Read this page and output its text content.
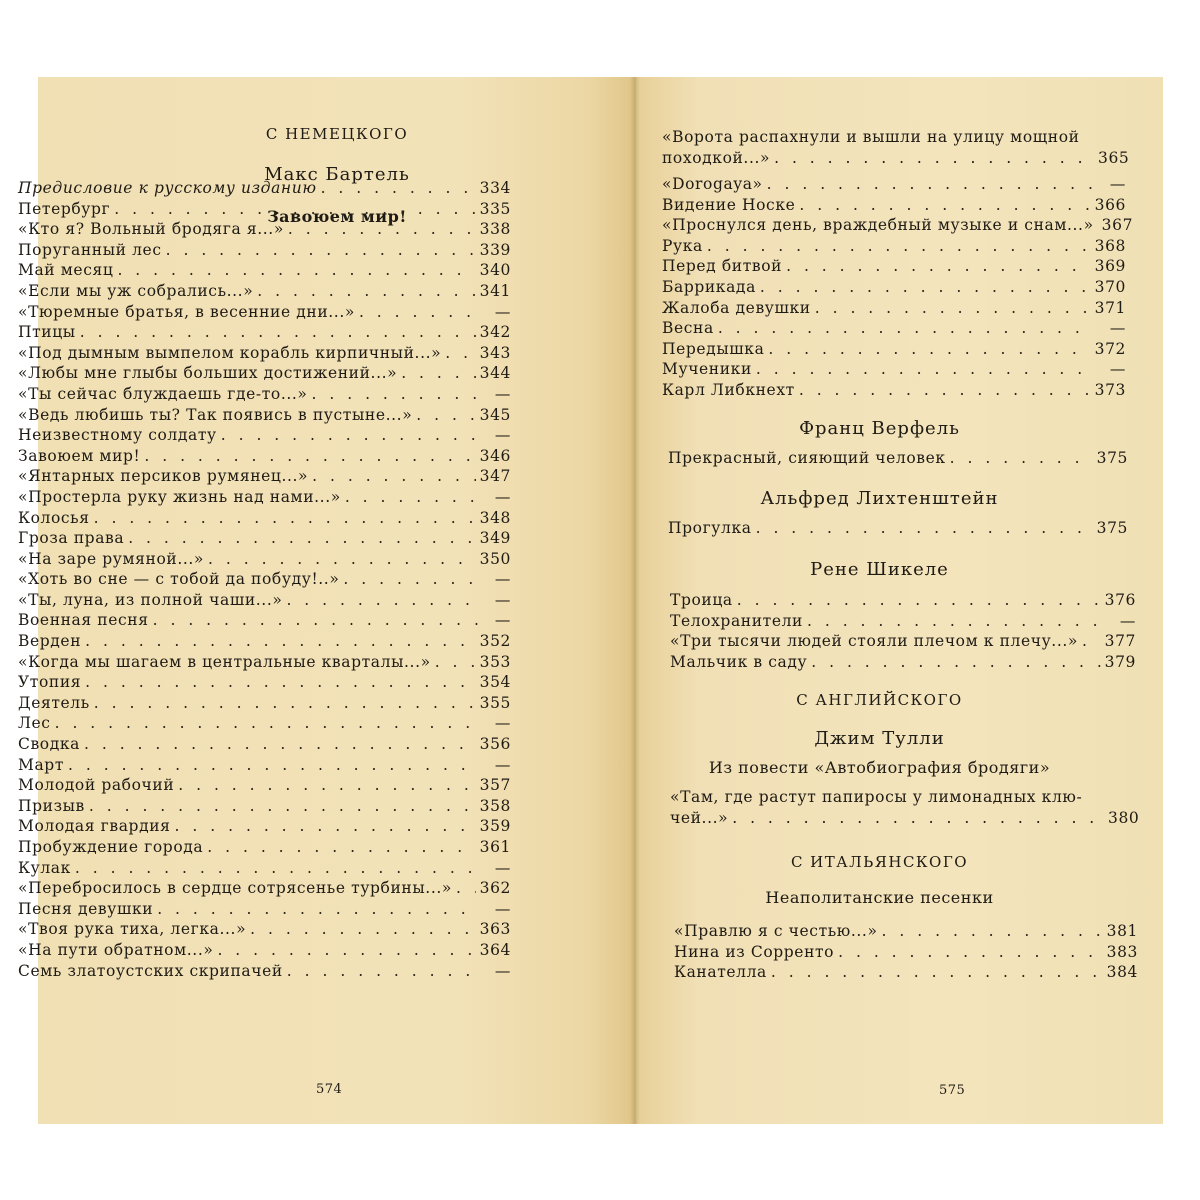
С НЕМЕЦКОГО
Макс Бартель
Завоюем мир!
574
Франц Верфель
Альфред Лихтенштейн
Рене Шикеле
С АНГЛИЙСКОГО
Джим Тулли
Из повести «Автобиография бродяги»
С ИТАЛЬЯНСКОГО
Неаполитанские песенки
575
Предисловие к русскому изданию . . .	334
Петербург . . .	335
«Кто я? Вольный бродяга я...» . . .	338
Поруганный лес . . .	339
Май месяц . . .	340
«Если мы уж собрались...» . . .	341
«Тюремные братья, в весенние дни...» . . .	—
Птицы . . .	342
«Под дымным вымпелом корабль кирпичный...» . . . 343
«Любы мне глыбы больших достижений...» . . .	344
«Ты сейчас блуждаешь где-то...» . . .	—
«Ведь любишь ты? Так появись в пустыне...» . . .	345
Неизвестному солдату . . .	—
Завоюем мир! . . .	346
«Янтарных персиков румянец...» . . .	347
«Простерла руку жизнь над нами...» . . .	—
Колосья . . .	348
Гроза права . . .	349
«На заре румяной...» . . .	350
«Хоть во сне — с тобой да побуду!..» . . .	—
«Ты, луна, из полной чаши...» . . .	—
Военная песня . . .	—
Верден . . .	352
«Когда мы шагаем в центральные кварталы...» . . .	353
Утопия . . .	354
Деятель . . .	355
Лес . . .	—
Сводка . . .	356
Март . . .	—
Молодой рабочий . . .	357
Призыв . . .	358
Молодая гвардия . . .	359
Пробуждение города . . .	361
Кулак . . .	—
«Перебросилось в сердце сотрясенье турбины...» . . . 362
Песня девушки . . .	—
«Твоя рука тиха, легка...» . . .	363
«На пути обратном...» . . .	364
Семь златоустских скрипачей . . .	—
«Ворота распахнули и вышли на улицу мощной
походкой...» . . .	365
«Dorogaya» . . .	—
Видение Носке . . .	366
«Проснулся день, враждебный музыке и снам...» 367
Рука . . .	368
Перед битвой . . .	369
Баррикада . . .	370
Жалоба девушки . . .	371
Весна . . .	—
Передышка . . .	372
Мученики . . .	—
Карл Либкнехт . . .	373
Прекрасный, сияющий человек . . .	375
Прогулка . . .	375
Троица . . .	376
Телохранители . . .	—
«Три тысячи людей стояли плечом к плечу...» . . . 377
Мальчик в саду . . .	379
«Там, где растут папиросы у лимонадных клю-
чей...» . . .	380
«Правлю я с честью...» . . .	381
Нина из Сорренто . . .	383
Канателла . . .	384
